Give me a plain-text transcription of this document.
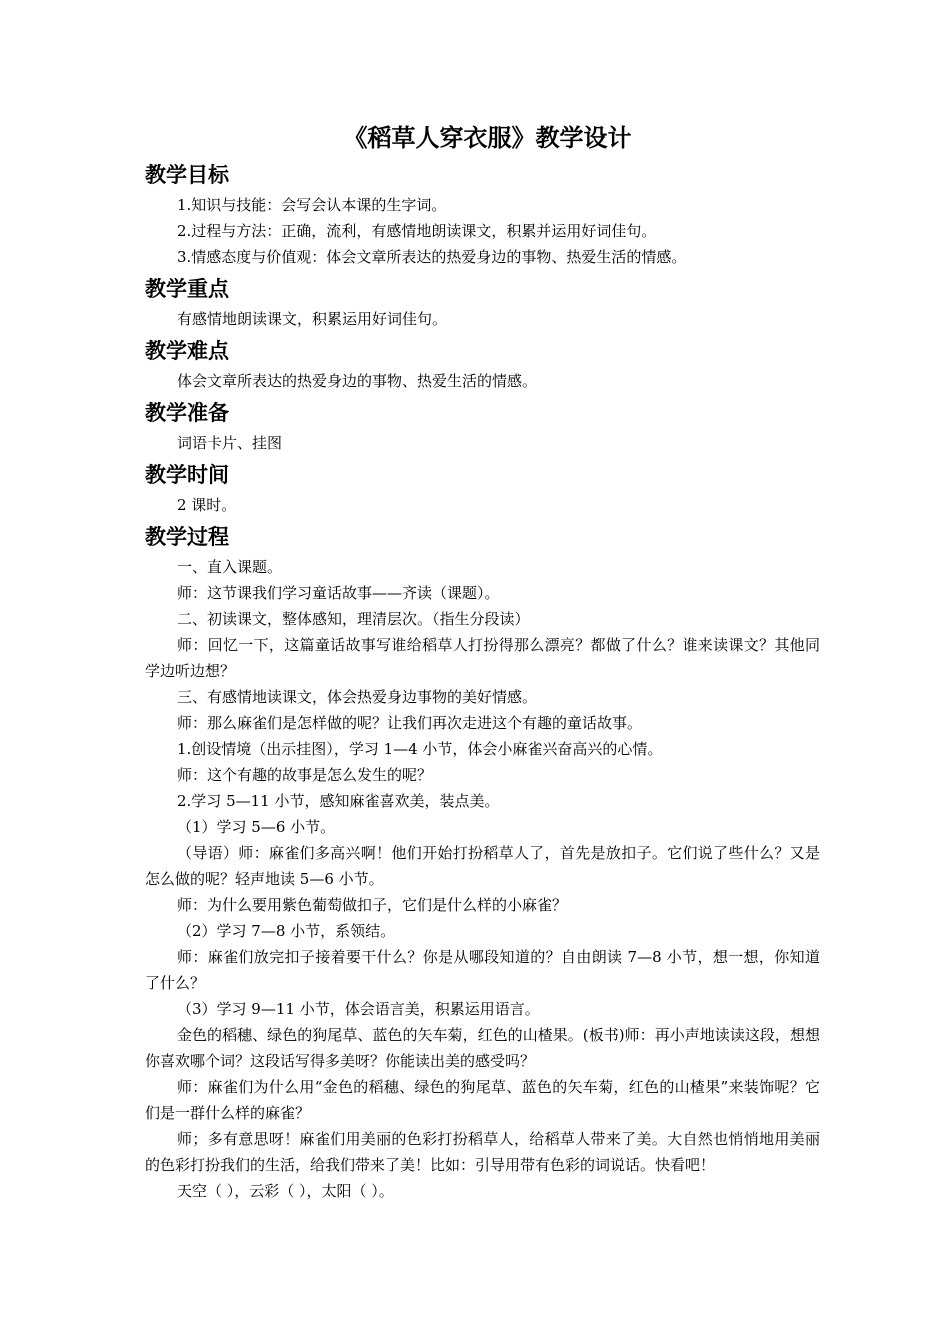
《稻草人穿衣服》教学设计
教学目标

1.知识与技能：会写会认本课的生字词。

2.过程与方法：正确，流利，有感情地朗读课文，积累并运用好词佳句。

3.情感态度与价值观：体会文章所表达的热爱身边的事物、热爱生活的情感。

教学重点

有感情地朗读课文，积累运用好词佳句。

教学难点

体会文章所表达的热爱身边的事物、热爱生活的情感。

教学准备

词语卡片、挂图

教学时间

2 课时。

教学过程

一、直入课题。

师：这节课我们学习童话故事——齐读（课题）。

二、初读课文，整体感知，理清层次。（指生分段读）

师：回忆一下，这篇童话故事写谁给稻草人打扮得那么漂亮？都做了什么？谁来读课文？其他同学边听边想？

三、有感情地读课文，体会热爱身边事物的美好情感。

师：那么麻雀们是怎样做的呢？让我们再次走进这个有趣的童话故事。

1.创设情境（出示挂图），学习 1—4 小节，体会小麻雀兴奋高兴的心情。

师：这个有趣的故事是怎么发生的呢？

2.学习 5—11 小节，感知麻雀喜欢美，装点美。

（1）学习 5—6 小节。

（导语）师：麻雀们多高兴啊！他们开始打扮稻草人了，首先是放扣子。它们说了些什么？又是怎么做的呢？轻声地读 5—6 小节。

师：为什么要用紫色葡萄做扣子，它们是什么样的小麻雀？

（2）学习 7—8 小节，系领结。

师：麻雀们放完扣子接着要干什么？你是从哪段知道的？自由朗读 7—8 小节，想一想，你知道了什么？

（3）学习 9—11 小节，体会语言美，积累运用语言。

金色的稻穗、绿色的狗尾草、蓝色的矢车菊，红色的山楂果。(板书)师：再小声地读读这段，想想你喜欢哪个词？这段话写得多美呀？你能读出美的感受吗？

师：麻雀们为什么用“金色的稻穗、绿色的狗尾草、蓝色的矢车菊，红色的山楂果”来装饰呢？它们是一群什么样的麻雀？

师；多有意思呀！麻雀们用美丽的色彩打扮稻草人，给稻草人带来了美。大自然也悄悄地用美丽的色彩打扮我们的生活，给我们带来了美！比如：引导用带有色彩的词说话。快看吧！

天空（ ），云彩（ ），太阳（ ）。
